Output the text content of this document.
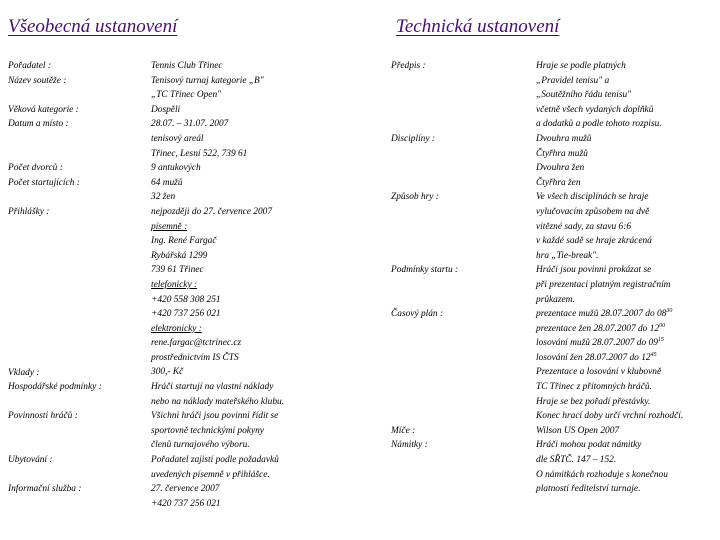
Všeobecná ustanovení	Technická ustanovení
Pořadatel :
Název soutěže :
Věková kategorie :
Datum a místo :
Počet dvorců :
Počet startujících :
Přihlášky :
Vklady :
Hospodářské podmínky :
Povinnosti hráčů :
Ubytování :
Informační služba :
Tennis Club Třinec
Tenisový turnaj kategorie „B"
„TC Třinec Open"
Dospělí
28.07. – 31.07. 2007
tenisový areál
Třinec, Lesní 522, 739 61
9 antukových
64 mužů
32 žen
nejpozději do 27. července 2007
písemně :
Ing. René Fargač
Rybářská 1299
739 61 Třinec
telefonicky :
+420 558 308 251
+420 737 256 021
elektronicky :
rene.fargac@tctrinec.cz
prostřednictvím IS ČTS
300,- Kč
Hráči startují na vlastní náklady
nebo na náklady mateřského klubu.
Všichni hráči jsou povinni řídit se
sportovně technickými pokyny
členů turnajového výboru.
Pořadatel zajistí podle požadavků
uvedených písemně v přihlášce.
27. července 2007
+420 737 256 021
Předpis :
Disciplíny :
Způsob hry :
Podmínky startu :
Časový plán :
Míče :
Námitky :
Hraje se podle platných
„Pravidel tenisu" a
„Soutěžního řádu tenisu"
včetně všech vydaných doplňků
a dodatků a podle tohoto rozpisu.
Dvouhra mužů
Čtyřhra mužů
Dvouhra žen
Čtyřhra žen
Ve všech disciplínách se hraje
vylučovacím způsobem na dvě
vítězné sady, za stavu 6:6
v každé sadě se hraje zkrácená
hra „Tie-break".
Hráči jsou povinni prokázat se
při prezentaci platným registračním
průkazem.
prezentace mužů 28.07.2007 do $08^{30}$
prezentace žen 28.07.2007 do $12^{00}$
losování mužů 28.07.2007 do $09^{15}$
losování žen 28.07.2007 do $12^{45}$
Prezentace a losování v klubovně
TC Třinec z přítomných hráčů.
Hraje se bez pořadí přestávky.
Konec hrací doby určí vrchní rozhodčí.
Wilson US Open 2007
Hráči mohou podat námitky
dle SŘTČ. 147 – 152.
O námitkách rozhoduje s konečnou
platností ředitelství turnaje.
